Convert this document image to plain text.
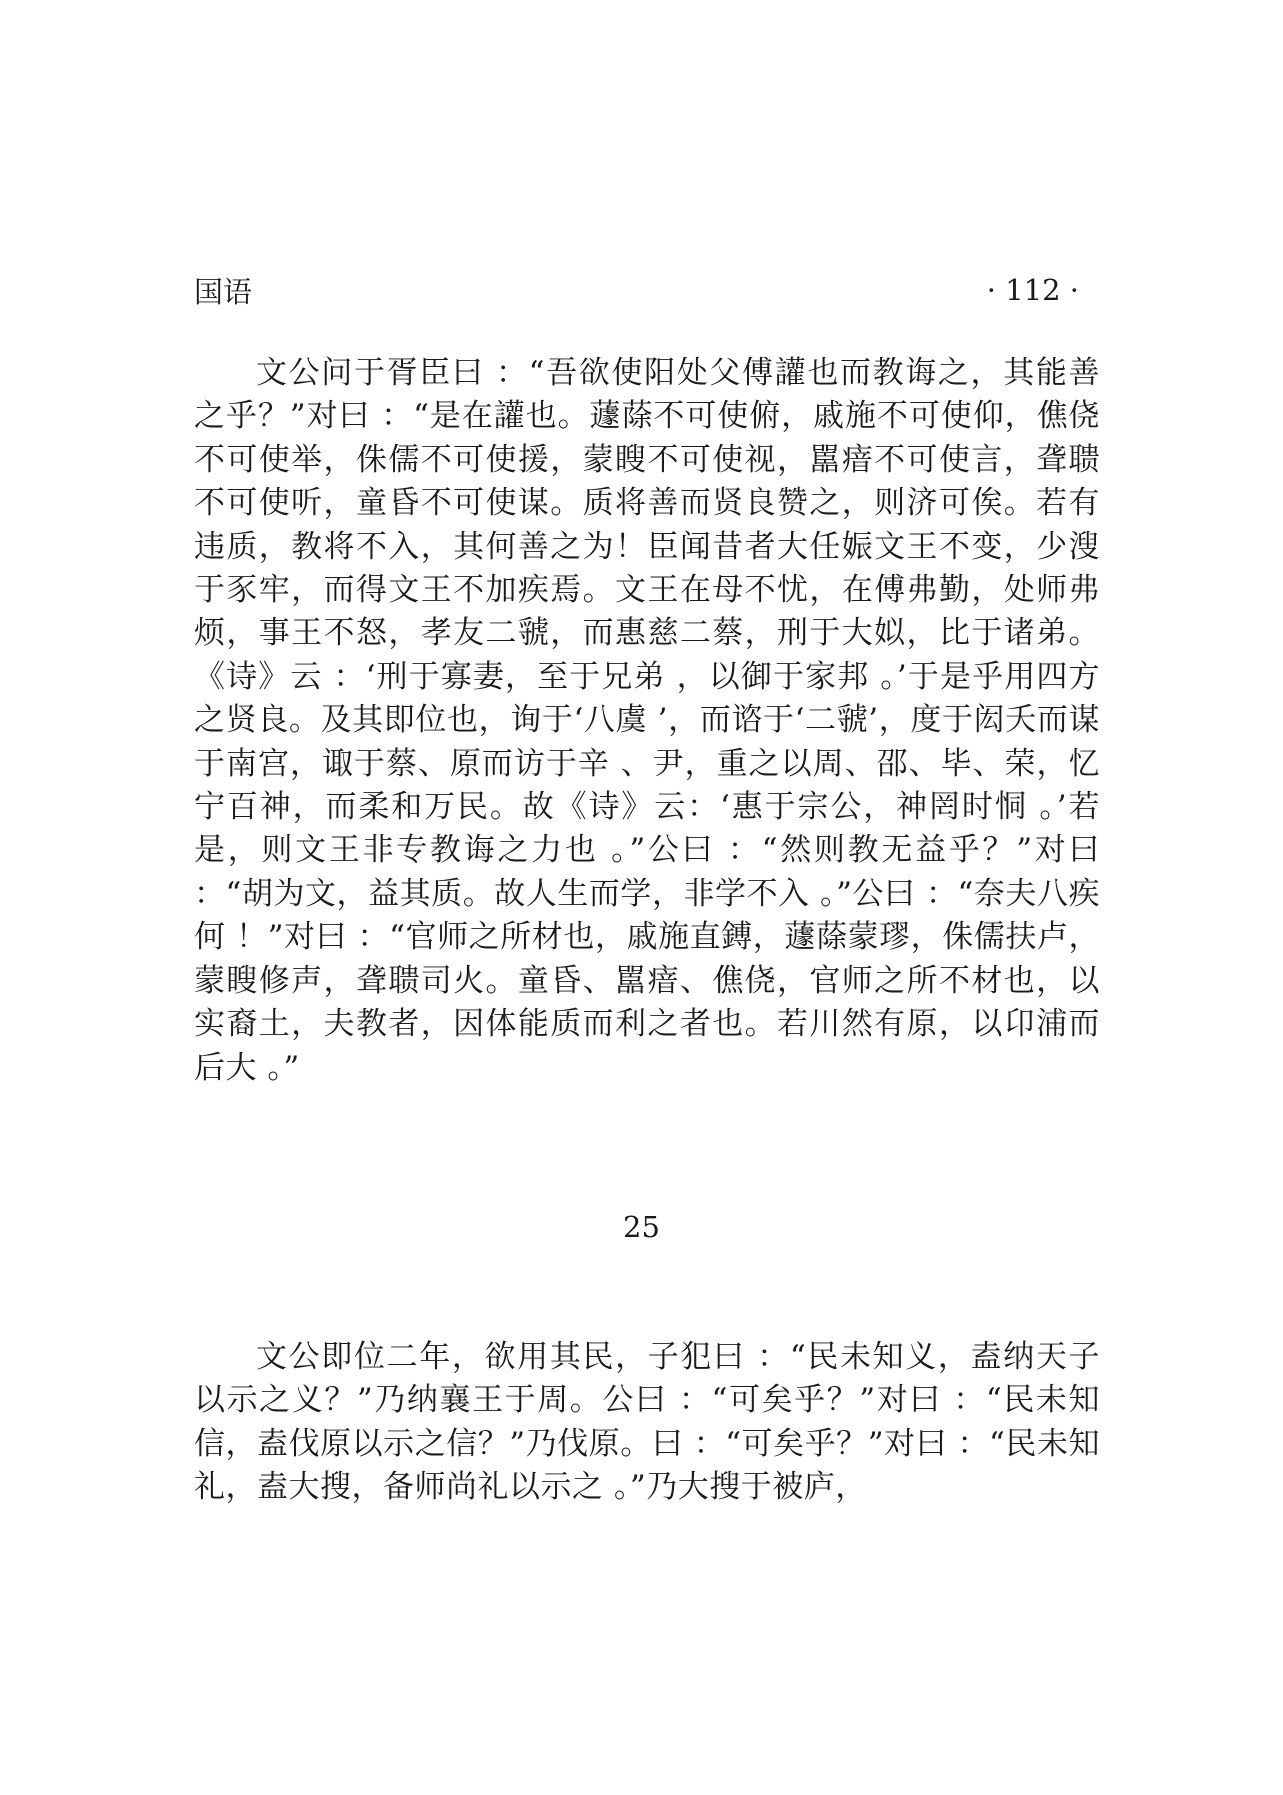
国语	· 112 ·

文公问于胥臣曰 ：“吾欲使阳处父傅讙也而教诲之，其能善之乎？”对曰 ：“是在讙也。蘧蒢不可使俯，戚施不可使仰，僬侥不可使举，侏儒不可使援，蒙瞍不可使视，嚚瘖不可使言，聋聩不可使听，童昏不可使谋。质将善而贤良赞之，则济可俟。若有违质，教将不入，其何善之为！臣闻昔者大任娠文王不变，少溲于豕牢，而得文王不加疾焉。文王在母不忧，在傅弗勤，处师弗烦，事王不怒，孝友二虢，而惠慈二蔡，刑于大姒，比于诸弟。《诗》云 ：‘刑于寡妻，至于兄弟 ，以御于家邦 。’于是乎用四方之贤良。及其即位也，询于‘八虞 ’，而谘于‘二虢’，度于闳夭而谋于南宫，诹于蔡、原而访于辛 、尹，重之以周、邵、毕、荣，忆宁百神，而柔和万民。故《诗》云：‘惠于宗公，神罔时恫 。’若是，则文王非专教诲之力也 。”公曰 ：“然则教无益乎？”对曰 ：“胡为文，益其质。故人生而学，非学不入 。”公曰 ：“奈夫八疾何 ！”对曰 ：“官师之所材也，戚施直鎛，蘧蒢蒙璆，侏儒扶卢，蒙瞍修声，聋聩司火。童昏、嚚瘖、僬侥，官师之所不材也，以实裔土，夫教者，因体能质而利之者也。若川然有原，以卬浦而后大 。”

25

文公即位二年，欲用其民，子犯曰 ：“民未知义，盍纳天子以示之义？”乃纳襄王于周。公曰 ：“可矣乎？”对曰 ：“民未知信，盍伐原以示之信？”乃伐原。曰 ：“可矣乎？”对曰 ：“民未知礼，盍大搜，备师尚礼以示之 。”乃大搜于被庐，
